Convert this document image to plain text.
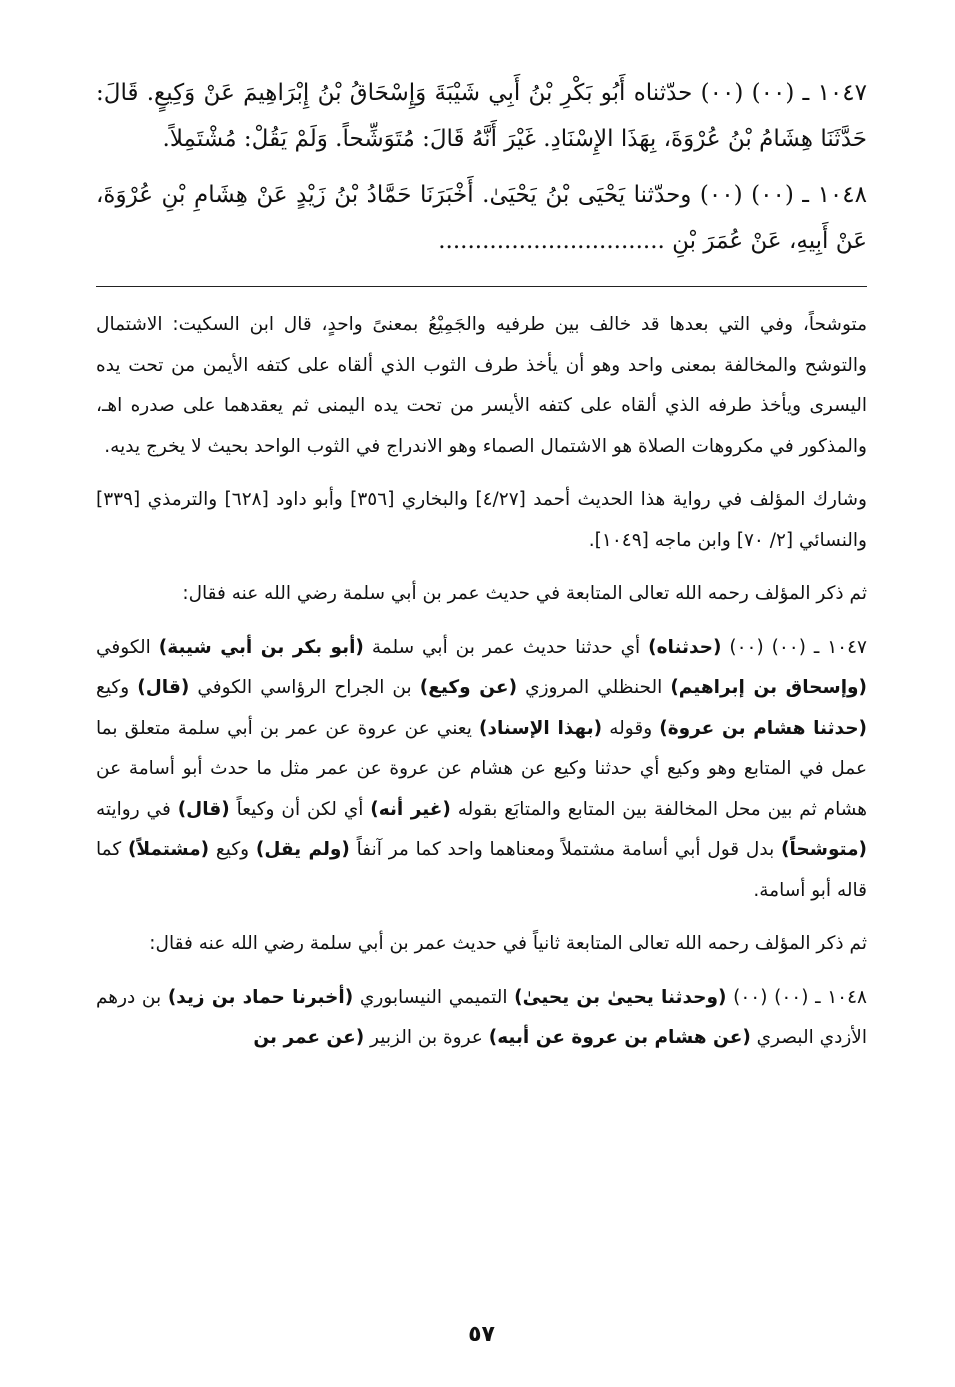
١٠٤٧ ـ (٠٠) (٠٠) حدّثناه أَبُو بَكْرِ بْنُ أَبِي شَيْبَةَ وَإِسْحَاقُ بْنُ إِبْرَاهِيمَ عَنْ وَكِيعٍ. قَالَ: حَدَّثَنَا هِشَامُ بْنُ عُرْوَةَ، بِهَذَا الإِسْنَادِ. غَيْرَ أَنَّهُ قَالَ: مُتَوَشِّحاً. وَلَمْ يَقُلْ: مُشْتَمِلاً.

١٠٤٨ ـ (٠٠) (٠٠) وحدّثنا يَحْيَى بْنُ يَحْيَىٰ. أَخْبَرَنَا حَمَّادُ بْنُ زَيْدٍ عَنْ هِشَامِ بْنِ عُرْوَةَ، عَنْ أَبِيهِ، عَنْ عُمَرَ بْنِ ...............................

متوشحاً، وفي التي بعدها قد خالف بين طرفيه والجَمِيْعُ بمعنىً واحدٍ، قال ابن السكيت: الاشتمال والتوشح والمخالفة بمعنى واحد وهو أن يأخذ طرف الثوب الذي ألقاه على كتفه الأيمن من تحت يده اليسرى ويأخذ طرفه الذي ألقاه على كتفه الأيسر من تحت يده اليمنى ثم يعقدهما على صدره اهـ، والمذكور في مكروهات الصلاة هو الاشتمال الصماء وهو الاندراج في الثوب الواحد بحيث لا يخرج يديه.

وشارك المؤلف في رواية هذا الحديث أحمد [٤/٢٧] والبخاري [٣٥٦] وأبو داود [٦٢٨] والترمذي [٣٣٩] والنسائي [٢/ ٧٠] وابن ماجه [١٠٤٩].

ثم ذكر المؤلف رحمه الله تعالى المتابعة في حديث عمر بن أبي سلمة رضي الله عنه فقال:

١٠٤٧ ـ (٠٠) (٠٠) (حدثناه) أي حدثنا حديث عمر بن أبي سلمة (أبو بكر بن أبي شيبة) الكوفي (وإسحاق بن إبراهيم) الحنظلي المروزي (عن وكيع) بن الجراح الرؤاسي الكوفي (قال) وكيع (حدثنا هشام بن عروة) وقوله (بهذا الإسناد) يعني عن عروة عن عمر بن أبي سلمة متعلق بما عمل في المتابع وهو وكيع أي حدثنا وكيع عن هشام عن عروة عن عمر مثل ما حدث أبو أسامة عن هشام ثم بين محل المخالفة بين المتابع والمتابَع بقوله (غير أنه) أي لكن أن وكيعاً (قال) في روايته (متوشحاً) بدل قول أبي أسامة مشتملاً ومعناهما واحد كما مر آنفاً (ولم يقل) وكيع (مشتملاً) كما قاله أبو أسامة.

ثم ذكر المؤلف رحمه الله تعالى المتابعة ثانياً في حديث عمر بن أبي سلمة رضي الله عنه فقال:

١٠٤٨ ـ (٠٠) (٠٠) (وحدثنا يحيىٰ بن يحيىٰ) التميمي النيسابوري (أخبرنا حماد بن زيد) بن درهم الأزدي البصري (عن هشام بن عروة عن أبيه) عروة بن الزبير (عن عمر بن

٥٧
